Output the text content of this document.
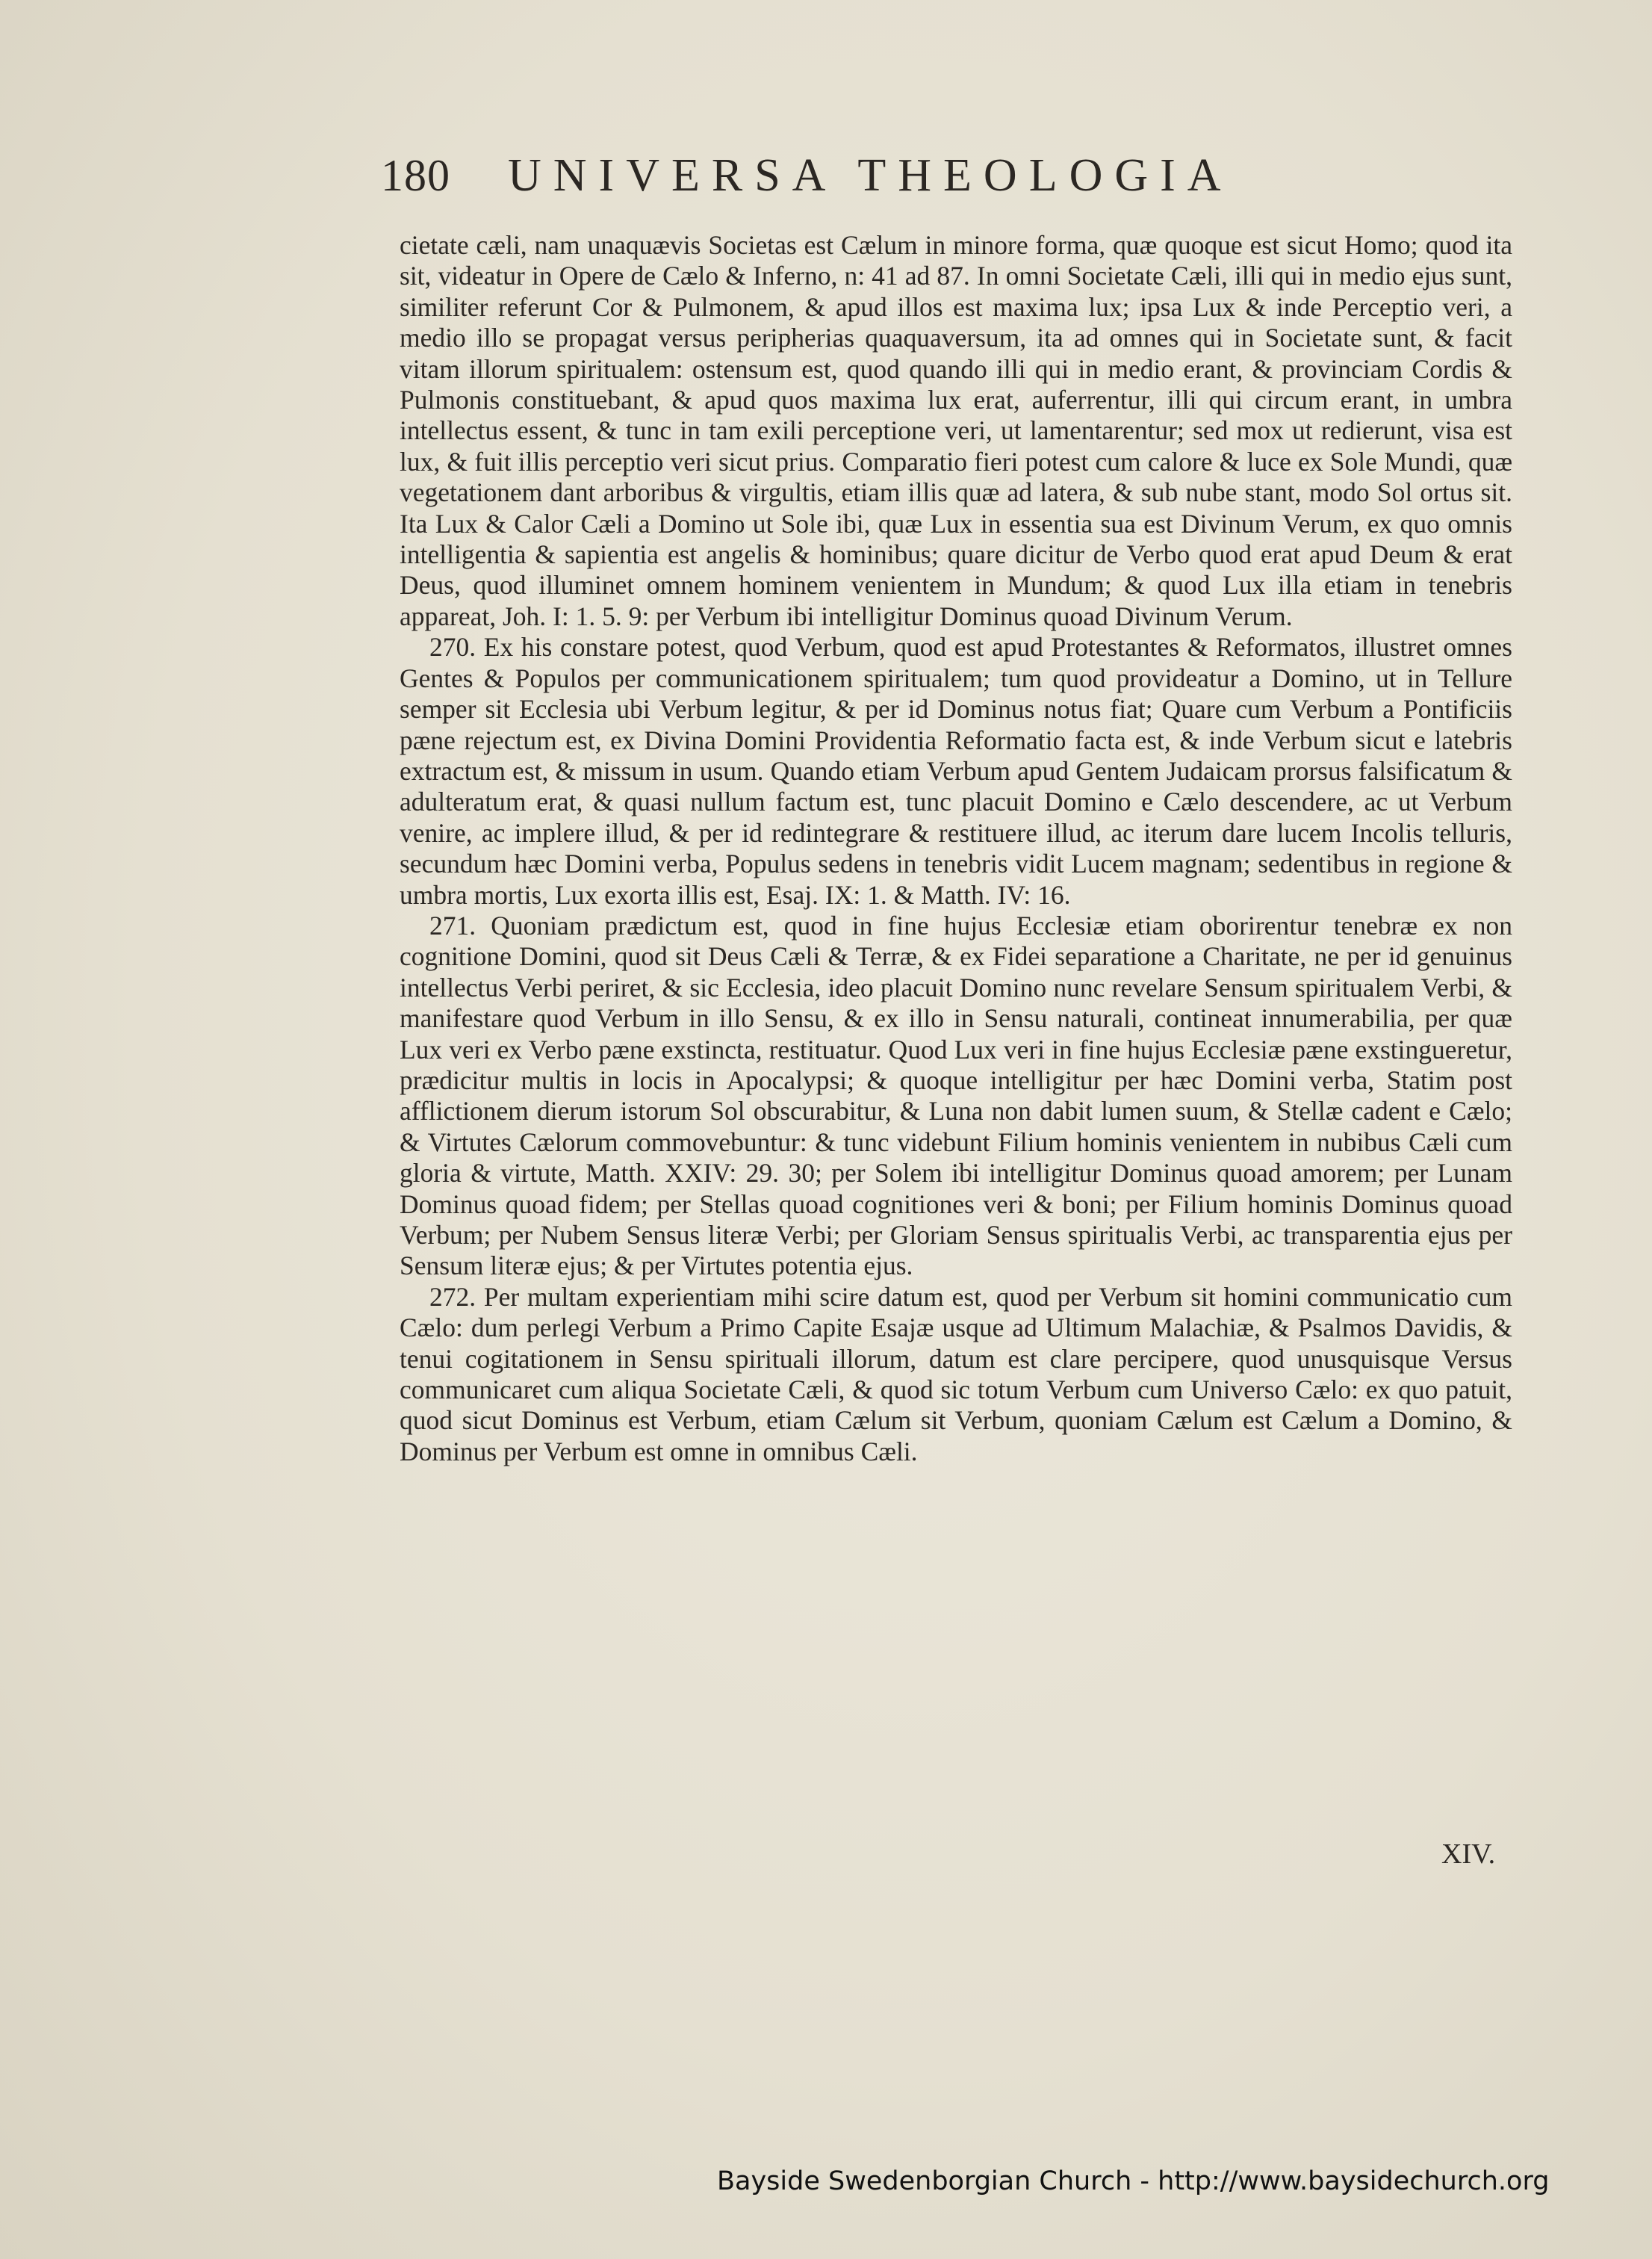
180 UNIVERSA THEOLOGIA

cietate cæli, nam unaquævis Societas est Cælum in minore forma, quæ quoque est sicut Homo; quod ita sit, videatur in Opere de Cælo & Inferno, n: 41 ad 87. In omni Societate Cæli, illi qui in medio ejus sunt, similiter referunt Cor & Pulmonem, & apud illos est maxima lux; ipsa Lux & inde Perceptio veri, a medio illo se propagat versus peripherias quaquaversum, ita ad omnes qui in Societate sunt, & facit vitam illorum spiritualem: ostensum est, quod quando illi qui in medio erant, & provinciam Cordis & Pulmonis constituebant, & apud quos maxima lux erat, auferrentur, illi qui circum erant, in umbra intellectus essent, & tunc in tam exili perceptione veri, ut lamentarentur; sed mox ut redierunt, visa est lux, & fuit illis perceptio veri sicut prius. Comparatio fieri potest cum calore & luce ex Sole Mundi, quæ vegetationem dant arboribus & virgultis, etiam illis quæ ad latera, & sub nube stant, modo Sol ortus sit. Ita Lux & Calor Cæli a Domino ut Sole ibi, quæ Lux in essentia sua est Divinum Verum, ex quo omnis intelligentia & sapientia est angelis & hominibus; quare dicitur de Verbo quod erat apud Deum & erat Deus, quod illuminet omnem hominem venientem in Mundum; & quod Lux illa etiam in tenebris appareat, Joh. I: 1. 5. 9: per Verbum ibi intelligitur Dominus quoad Divinum Verum.

270. Ex his constare potest, quod Verbum, quod est apud Protestantes & Reformatos, illustret omnes Gentes & Populos per communicationem spiritualem; tum quod provideatur a Domino, ut in Tellure semper sit Ecclesia ubi Verbum legitur, & per id Dominus notus fiat; Quare cum Verbum a Pontificiis pæne rejectum est, ex Divina Domini Providentia Reformatio facta est, & inde Verbum sicut e latebris extractum est, & missum in usum. Quando etiam Verbum apud Gentem Judaicam prorsus falsificatum & adulteratum erat, & quasi nullum factum est, tunc placuit Domino e Cælo descendere, ac ut Verbum venire, ac implere illud, & per id redintegrare & restituere illud, ac iterum dare lucem Incolis telluris, secundum hæc Domini verba, Populus sedens in tenebris vidit Lucem magnam; sedentibus in regione & umbra mortis, Lux exorta illis est, Esaj. IX: 1. & Matth. IV: 16.

271. Quoniam prædictum est, quod in fine hujus Ecclesiæ etiam oborirentur tenebræ ex non cognitione Domini, quod sit Deus Cæli & Terræ, & ex Fidei separatione a Charitate, ne per id genuinus intellectus Verbi periret, & sic Ecclesia, ideo placuit Domino nunc revelare Sensum spiritualem Verbi, & manifestare quod Verbum in illo Sensu, & ex illo in Sensu naturali, contineat innumerabilia, per quæ Lux veri ex Verbo pæne exstincta, restituatur. Quod Lux veri in fine hujus Ecclesiæ pæne exstingueretur, prædicitur multis in locis in Apocalypsi; & quoque intelligitur per hæc Domini verba, Statim post afflictionem dierum istorum Sol obscurabitur, & Luna non dabit lumen suum, & Stellæ cadent e Cælo; & Virtutes Cælorum commovebuntur: & tunc videbunt Filium hominis venientem in nubibus Cæli cum gloria & virtute, Matth. XXIV: 29. 30; per Solem ibi intelligitur Dominus quoad amorem; per Lunam Dominus quoad fidem; per Stellas quoad cognitiones veri & boni; per Filium hominis Dominus quoad Verbum; per Nubem Sensus literæ Verbi; per Gloriam Sensus spiritualis Verbi, ac transparentia ejus per Sensum literæ ejus; & per Virtutes potentia ejus.

272. Per multam experientiam mihi scire datum est, quod per Verbum sit homini communicatio cum Cælo: dum perlegi Verbum a Primo Capite Esajæ usque ad Ultimum Malachiæ, & Psalmos Davidis, & tenui cogitationem in Sensu spirituali illorum, datum est clare percipere, quod unusquisque Versus communicaret cum aliqua Societate Cæli, & quod sic totum Verbum cum Universo Cælo: ex quo patuit, quod sicut Dominus est Verbum, etiam Cælum sit Verbum, quoniam Cælum est Cælum a Domino, & Dominus per Verbum est omne in omnibus Cæli.

XIV.
Bayside Swedenborgian Church - http://www.baysidechurch.org
